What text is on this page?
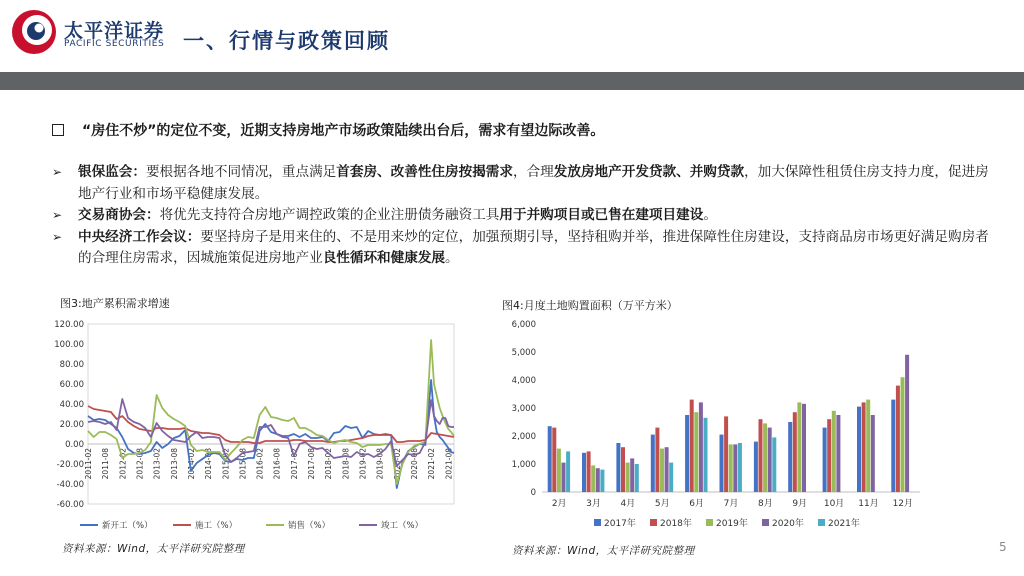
太平洋证券
PACIFIC SECURITIES 一、行情与政策回顾
“房住不炒”的定位不变，近期支持房地产市场政策陆续出台后，需求有望边际改善。
➢ 银保监会：要根据各地不同情况，重点满足首套房、改善性住房按揭需求，合理发放房地产开发贷款、并购贷款，加大保障性租赁住房支持力度，促进房地产行业和市场平稳健康发展。
➢ 交易商协会：将优先支持符合房地产调控政策的企业注册债务融资工具用于并购项目或已售在建项目建设。
➢ 中央经济工作会议：要坚持房子是用来住的、不是用来炒的定位，加强预期引导，坚持租购并举，推进保障性住房建设，支持商品房市场更好满足购房者的合理住房需求，因城施策促进房地产业良性循环和健康发展。
图3:地产累积需求增速
-60.00
-40.00
-20.00
0.00
20.00
40.00
60.00
80.00
100.00
120.00
2011-02 2011-08 2012-02 2012-08 2013-02 2013-08 2014-02 2014-08 2015-02 2015-08 2016-02 2016-08 2017-02 2017-08 2018-02 2018-08 2019-02 2019-08 2020-02 2020-08 2021-02 2021-08
新开工（%）	施工（%）	销售（%）	竣工（%）
资料来源：Wind，太平洋研究院整理
图4:月度土地购置面积（万平方米）
0
1,000
2,000
3,000
4,000
5,000
6,000
2月 3月 4月 5月 6月 7月 8月 9月 10月 11月 12月
2017年	2018年	2019年	2020年	2021年
资料来源：Wind，太平洋研究院整理	5
